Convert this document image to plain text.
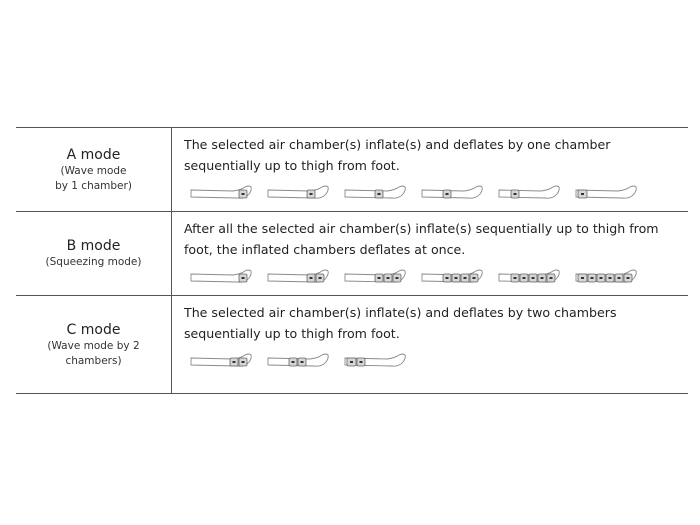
A mode
(Wave mode
by 1 chamber)	The selected air chamber(s) inflate(s) and deflates by one chamber sequentially up to thigh from foot.

B mode
(Squeezing mode)	After all the selected air chamber(s) inflate(s) sequentially up to thigh from foot, the inflated chambers deflates at once.

C mode
(Wave mode by 2
chambers)	The selected air chamber(s) inflate(s) and deflates by two chambers sequentially up to thigh from foot.
